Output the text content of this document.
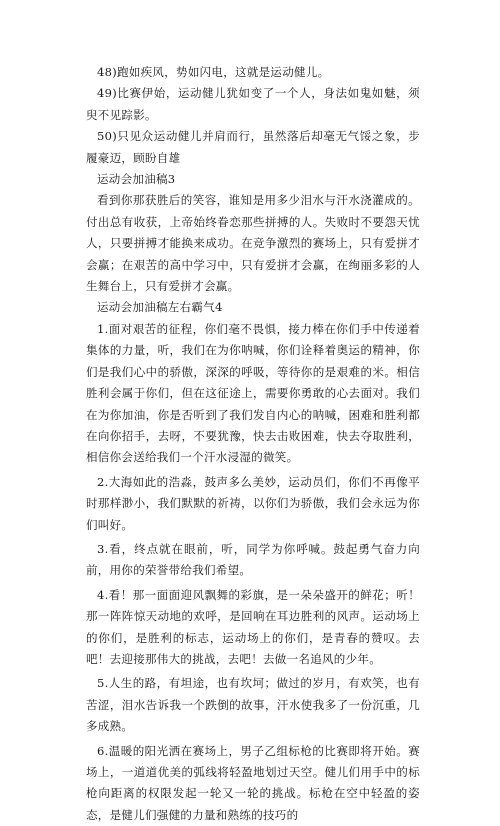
48)跑如疾风，势如闪电，这就是运动健儿。

49)比赛伊始，运动健儿犹如变了一个人，身法如鬼如魅，须臾不见踪影。

50)只见众运动健儿并肩而行，虽然落后却毫无气馁之象，步履豪迈，顾盼自雄

运动会加油稿3

看到你那获胜后的笑容，谁知是用多少泪水与汗水浇灌成的。付出总有收获，上帝始终眷恋那些拼搏的人。失败时不要怨天忧人，只要拼搏才能换来成功。在竞争激烈的赛场上，只有爱拼才会赢；在艰苦的高中学习中，只有爱拼才会赢，在绚丽多彩的人生舞台上，只有爱拼才会赢。

运动会加油稿左右霸气4

1.面对艰苦的征程，你们毫不畏惧，接力棒在你们手中传递着集体的力量，听，我们在为你呐喊，你们诠释着奥运的精神，你们是我们心中的骄傲，深深的呼吸，等待你的是艰难的米。相信胜利会属于你们，但在这征途上，需要你勇敢的心去面对。我们在为你加油，你是否听到了我们发自内心的呐喊，困难和胜利都在向你招手，去呀，不要犹豫，快去击败困难，快去夺取胜利，相信你会送给我们一个汗水浸湿的微笑。

2.大海如此的浩淼，鼓声多么美妙，运动员们，你们不再像平时那样渺小，我们默默的祈祷，以你们为骄傲，我们会永远为你们叫好。

3.看，终点就在眼前，听，同学为你呼喊。鼓起勇气奋力向前，用你的荣誉带给我们希望。

4.看！那一面面迎风飘舞的彩旗，是一朵朵盛开的鲜花；听！那一阵阵惊天动地的欢呼，是回响在耳边胜利的风声。运动场上的你们，是胜利的标志，运动场上的你们，是青春的赞叹。去吧！去迎接那伟大的挑战，去吧！去做一名追风的少年。

5.人生的路，有坦途，也有坎坷；做过的岁月，有欢笑，也有苦涩，泪水告诉我一个跌倒的故事，汗水使我多了一份沉重，几多成熟。

6.温暖的阳光洒在赛场上，男子乙组标枪的比赛即将开始。赛场上，一道道优美的弧线将轻盈地划过天空。健儿们用手中的标枪向距离的权限发起一轮又一轮的挑战。标枪在空中轻盈的姿态，是健儿们强健的力量和熟练的技巧的
